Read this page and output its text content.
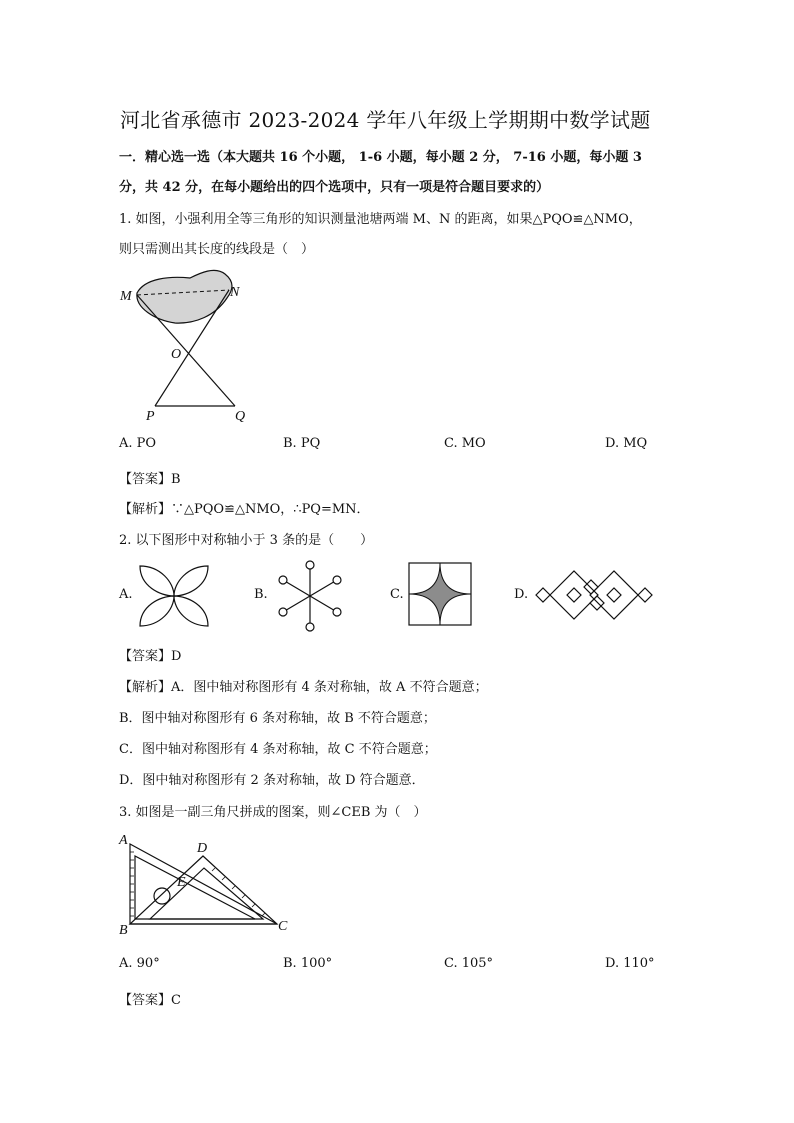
河北省承德市 2023-2024 学年八年级上学期期中数学试题
一．精心选一选（本大题共 16 个小题， 1-6 小题，每小题 2 分， 7-16 小题，每小题 3
分，共 42 分，在每小题给出的四个选项中，只有一项是符合题目要求的）
1. 如图，小强利用全等三角形的知识测量池塘两端 M、N 的距离，如果△PQO≌△NMO，
则只需测出其长度的线段是（　）
M	N
O
P	Q
A. PO	B. PQ	C. MO	D. MQ
【答案】B
【解析】∵△PQO≌△NMO，∴PQ=MN．
2. 以下图形中对称轴小于 3 条的是（　　）
A.	B.	C.	D.
【答案】D
【解析】A．图中轴对称图形有 4 条对称轴，故 A 不符合题意；
B．图中轴对称图形有 6 条对称轴，故 B 不符合题意；
C．图中轴对称图形有 4 条对称轴，故 C 不符合题意；
D．图中轴对称图形有 2 条对称轴，故 D 符合题意．
3. 如图是一副三角尺拼成的图案，则∠CEB 为（　）
A
B	C
D
E
A. 90°	B. 100°	C. 105°	D. 110°
【答案】C
